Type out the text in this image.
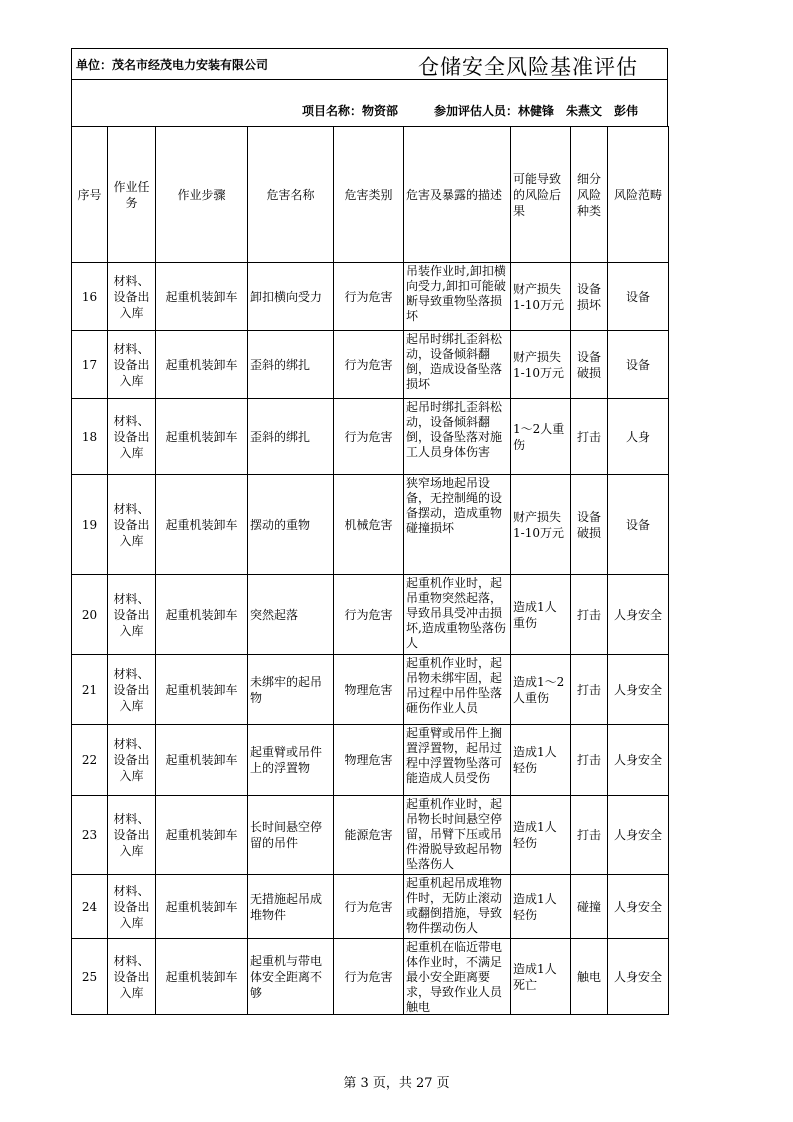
仓储安全风险基准评估
单位：茂名市经茂电力安装有限公司
项目名称：物资部	参加评估人员：林健锋　朱燕文　彭伟
序号	作业任务	作业步骤	危害名称	危害类别	危害及暴露的描述	可能导致的风险后果	细分风险种类	风险范畴
16	材料、设备出入库	起重机装卸车	卸扣横向受力	行为危害	吊装作业时,卸扣横向受力,卸扣可能破断导致重物坠落损坏	财产损失1-10万元	设备损坏	设备
17	材料、设备出入库	起重机装卸车	歪斜的绑扎	行为危害	起吊时绑扎歪斜松动，设备倾斜翻倒，造成设备坠落损坏	财产损失1-10万元	设备破损	设备
18	材料、设备出入库	起重机装卸车	歪斜的绑扎	行为危害	起吊时绑扎歪斜松动，设备倾斜翻倒，设备坠落对施工人员身体伤害	1～2人重伤	打击	人身
19	材料、设备出入库	起重机装卸车	摆动的重物	机械危害	狭窄场地起吊设备，无控制绳的设备摆动，造成重物碰撞损坏	财产损失1-10万元	设备破损	设备
20	材料、设备出入库	起重机装卸车	突然起落	行为危害	起重机作业时，起吊重物突然起落，导致吊具受冲击损坏,造成重物坠落伤人	造成1人重伤	打击	人身安全
21	材料、设备出入库	起重机装卸车	未绑牢的起吊物	物理危害	起重机作业时，起吊物未绑牢固，起吊过程中吊件坠落砸伤作业人员	造成1～2人重伤	打击	人身安全
22	材料、设备出入库	起重机装卸车	起重臂或吊件上的浮置物	物理危害	起重臂或吊件上搁置浮置物，起吊过程中浮置物坠落可能造成人员受伤	造成1人轻伤	打击	人身安全
23	材料、设备出入库	起重机装卸车	长时间悬空停留的吊件	能源危害	起重机作业时，起吊物长时间悬空停留，吊臂下压或吊件滑脱导致起吊物坠落伤人	造成1人轻伤	打击	人身安全
24	材料、设备出入库	起重机装卸车	无措施起吊成堆物件	行为危害	起重机起吊成堆物件时，无防止滚动或翻倒措施，导致物件摆动伤人	造成1人轻伤	碰撞	人身安全
25	材料、设备出入库	起重机装卸车	起重机与带电体安全距离不够	行为危害	起重机在临近带电体作业时，不满足最小安全距离要求，导致作业人员触电	造成1人死亡	触电	人身安全
第 3 页，共 27 页
